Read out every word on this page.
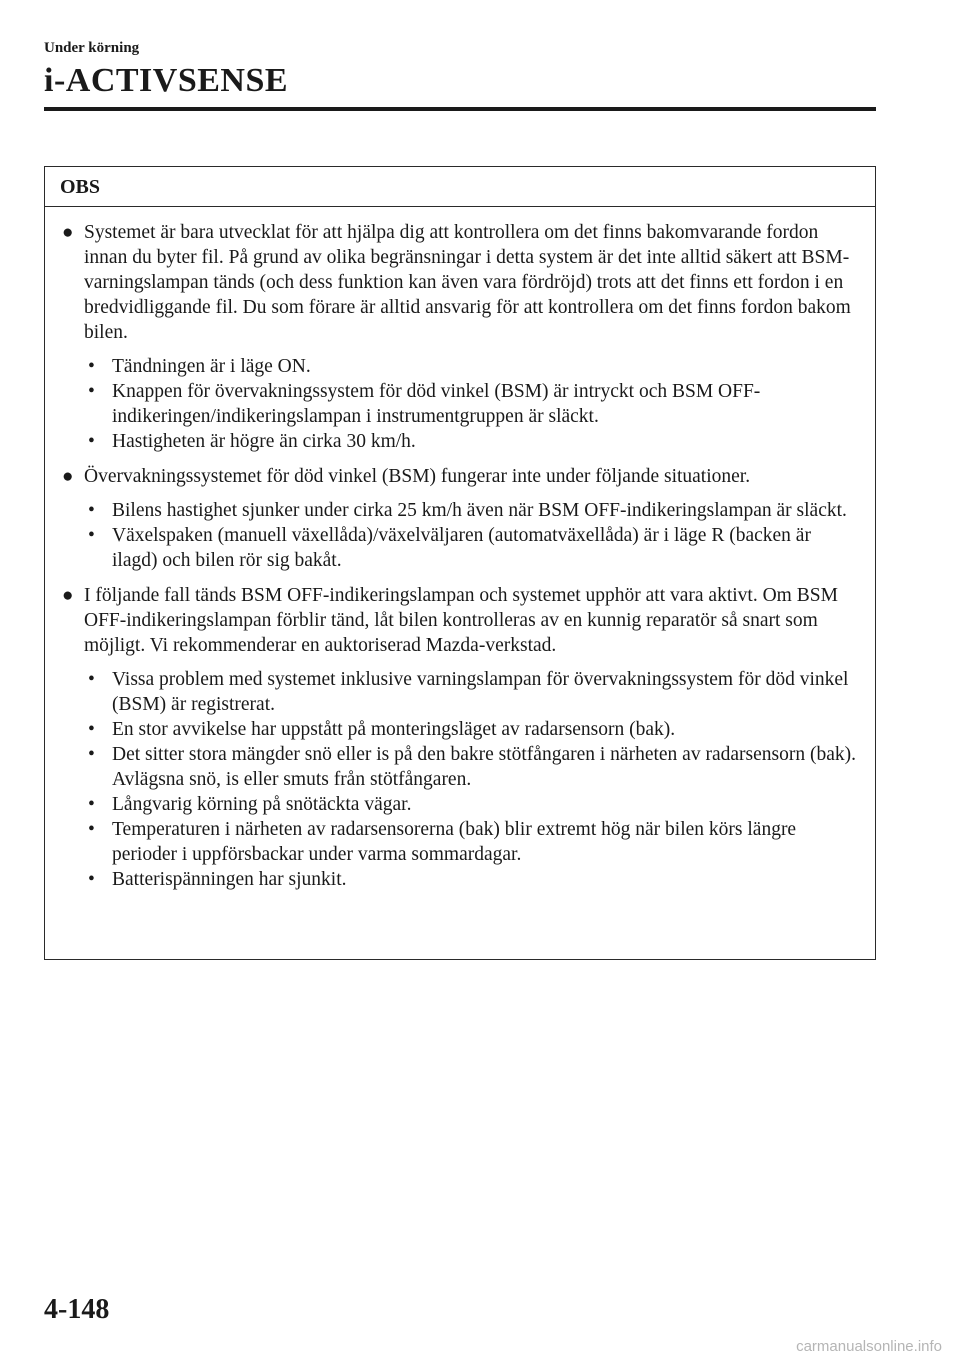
Under körning
i-ACTIVSENSE
OBS
● Systemet är bara utvecklat för att hjälpa dig att kontrollera om det finns bakomvarande fordon innan du byter fil. På grund av olika begränsningar i detta system är det inte alltid säkert att BSM-varningslampan tänds (och dess funktion kan även vara fördröjd) trots att det finns ett fordon i en bredvidliggande fil. Du som förare är alltid ansvarig för att kontrollera om det finns fordon bakom bilen.
• Tändningen är i läge ON.
• Knappen för övervakningssystem för död vinkel (BSM) är intryckt och BSM OFF-indikeringen/indikeringslampan i instrumentgruppen är släckt.
• Hastigheten är högre än cirka 30 km/h.
● Övervakningssystemet för död vinkel (BSM) fungerar inte under följande situationer.
• Bilens hastighet sjunker under cirka 25 km/h även när BSM OFF-indikeringslampan är släckt.
• Växelspaken (manuell växellåda)/växelväljaren (automatväxellåda) är i läge R (backen är ilagd) och bilen rör sig bakåt.
● I följande fall tänds BSM OFF-indikeringslampan och systemet upphör att vara aktivt. Om BSM OFF-indikeringslampan förblir tänd, låt bilen kontrolleras av en kunnig reparatör så snart som möjligt. Vi rekommenderar en auktoriserad Mazda-verkstad.
• Vissa problem med systemet inklusive varningslampan för övervakningssystem för död vinkel (BSM) är registrerat.
• En stor avvikelse har uppstått på monteringsläget av radarsensorn (bak).
• Det sitter stora mängder snö eller is på den bakre stötfångaren i närheten av radarsensorn (bak). Avlägsna snö, is eller smuts från stötfångaren.
• Långvarig körning på snötäckta vägar.
• Temperaturen i närheten av radarsensorerna (bak) blir extremt hög när bilen körs längre perioder i uppförsbackar under varma sommardagar.
• Batterispänningen har sjunkit.
4-148
carmanualsonline.info
